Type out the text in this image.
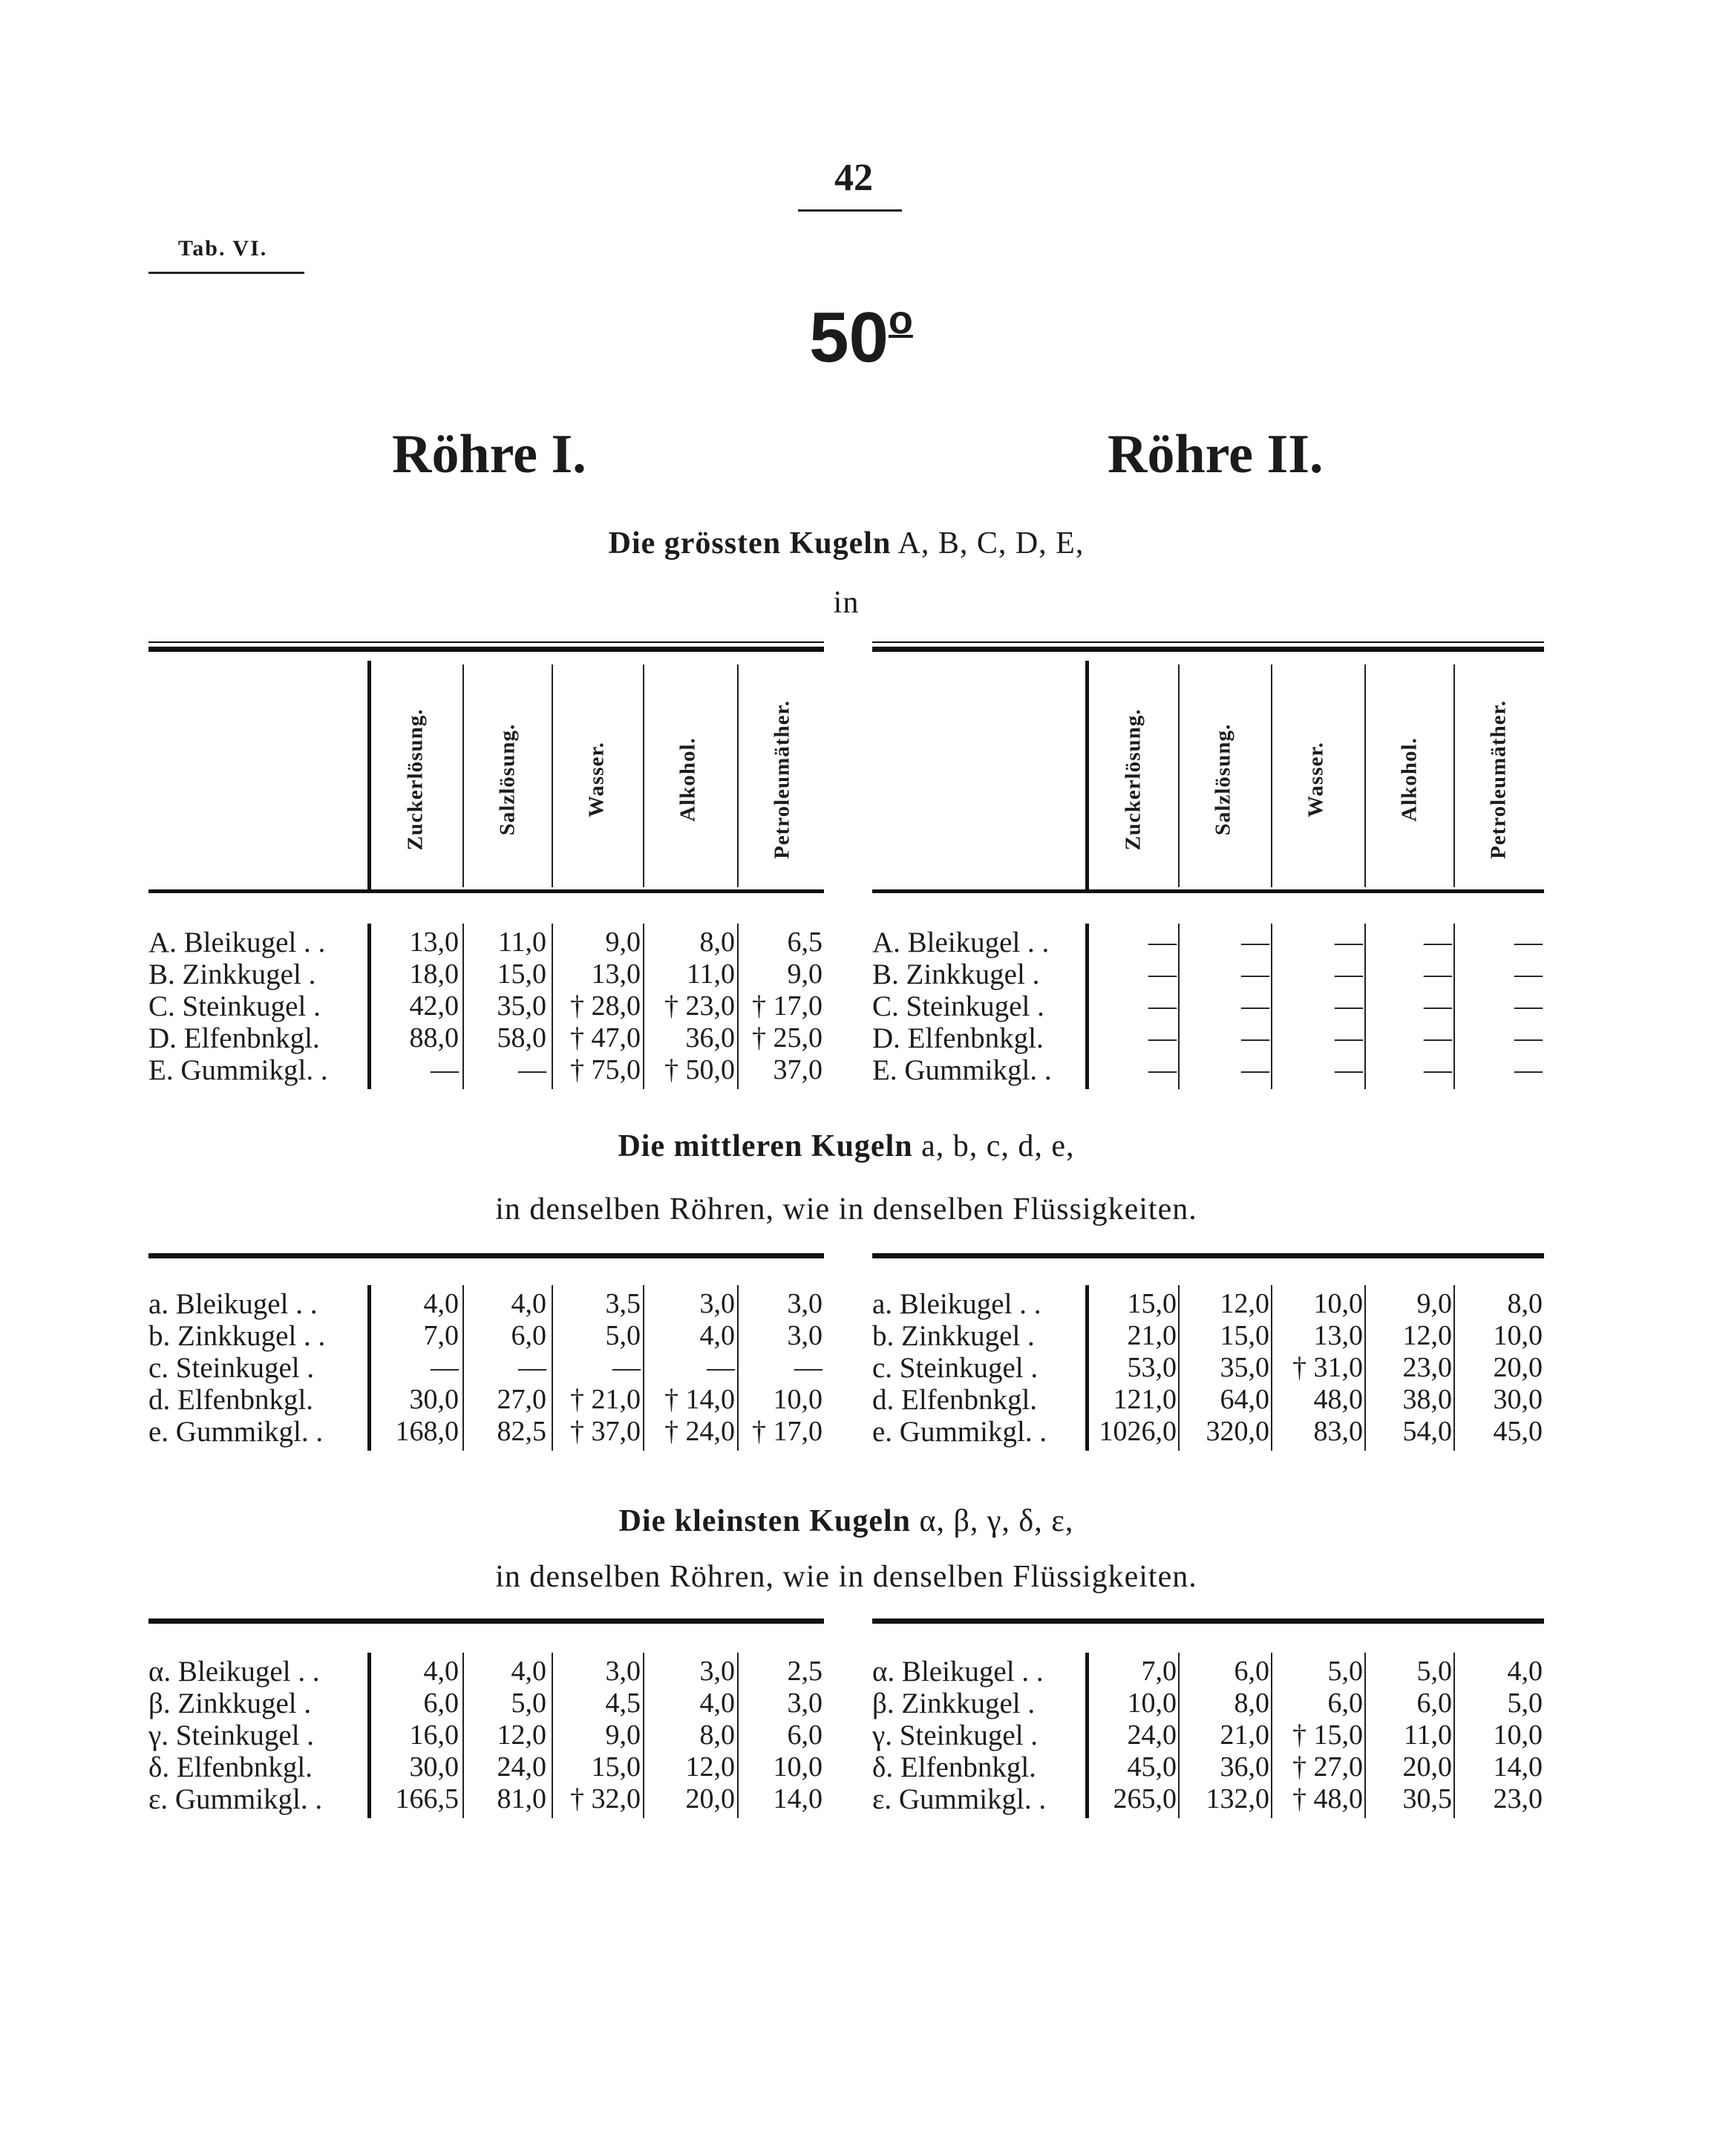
42
Tab. VI.
50$^o$
Röhre I.	Röhre II.
Die grössten Kugeln A, B, C, D, E,
in
Zuckerlösung.	Salzlösung.	Wasser.	Alkohol.	Petroleumäther.	Zuckerlösung.	Salzlösung.	Wasser.	Alkohol.	Petroleumäther.
A. Bleikugel . .	13,0	11,0	9,0	8,0	6,5
B. Zinkkugel .	18,0	15,0	13,0	11,0	9,0
C. Steinkugel .	42,0	35,0 † 28,0 † 23,0 † 17,0
D. Elfenbnkgl.	88,0	58,0 † 47,0	36,0 † 25,0
E. Gummikgl. .	—	— † 75,0 † 50,0	37,0
A. Bleikugel . .	—	—	—	—	—
B. Zinkkugel .	—	—	—	—	—
C. Steinkugel .	—	—	—	—	—
D. Elfenbnkgl.	—	—	—	—	—
E. Gummikgl. .	—	—	—	—	—
Die mittleren Kugeln a, b, c, d, e,
in denselben Röhren, wie in denselben Flüssigkeiten.
a. Bleikugel . .	4,0	4,0	3,5	3,0	3,0
b. Zinkkugel . .	7,0	6,0	5,0	4,0	3,0
c. Steinkugel .	—	—	—	—	—
d. Elfenbnkgl.	30,0	27,0 † 21,0 † 14,0	10,0
e. Gummikgl. .	168,0	82,5 † 37,0 † 24,0 † 17,0
a. Bleikugel . .	15,0	12,0	10,0	9,0	8,0
b. Zinkkugel .	21,0	15,0	13,0	12,0	10,0
c. Steinkugel .	53,0	35,0 † 31,0	23,0	20,0
d. Elfenbnkgl.	121,0	64,0	48,0	38,0	30,0
e. Gummikgl. .	1026,0	320,0	83,0	54,0	45,0
Die kleinsten Kugeln α, β, γ, δ, ε,
in denselben Röhren, wie in denselben Flüssigkeiten.
α. Bleikugel . .	4,0	4,0	3,0	3,0	2,5
β. Zinkkugel .	6,0	5,0	4,5	4,0	3,0
γ. Steinkugel .	16,0	12,0	9,0	8,0	6,0
δ. Elfenbnkgl.	30,0	24,0	15,0	12,0	10,0
ε. Gummikgl. .	166,5	81,0 † 32,0	20,0	14,0
α. Bleikugel . .	7,0	6,0	5,0	5,0	4,0
β. Zinkkugel .	10,0	8,0	6,0	6,0	5,0
γ. Steinkugel .	24,0	21,0 † 15,0	11,0	10,0
δ. Elfenbnkgl.	45,0	36,0 † 27,0	20,0	14,0
ε. Gummikgl. .	265,0	132,0 † 48,0	30,5	23,0
